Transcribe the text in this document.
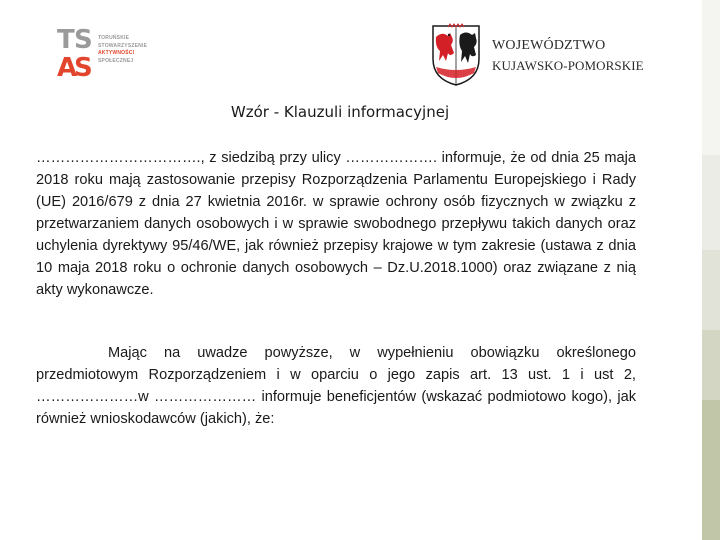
T S
A
S
TORUŃSKIE
STOWARZYSZENIE
AKTYWNOŚCI
SPOŁECZNEJ
WOJEWÓDZTWO
KUJAWSKO-POMORSKIE
Wzór - Klauzuli informacyjnej

……………………………., z siedzibą przy ulicy ………………. informuje, że od dnia 25 maja 2018 roku mają zastosowanie przepisy Rozporządzenia Parlamentu Europejskiego i Rady (UE) 2016/679 z dnia 27 kwietnia 2016r. w sprawie ochrony osób fizycznych w związku z przetwarzaniem danych osobowych i w sprawie swobodnego przepływu takich danych oraz uchylenia dyrektywy 95/46/WE, jak również przepisy krajowe w tym zakresie (ustawa z dnia 10 maja 2018 roku o ochronie danych osobowych – Dz.U.2018.1000) oraz związane z nią akty wykonawcze.

Mając na uwadze powyższe, w wypełnieniu obowiązku określonego przedmiotowym Rozporządzeniem i w oparciu o jego zapis art. 13 ust. 1 i ust 2, …………………w ………………… informuje beneficjentów (wskazać podmiotowo kogo), jak również wnioskodawców (jakich), że:
